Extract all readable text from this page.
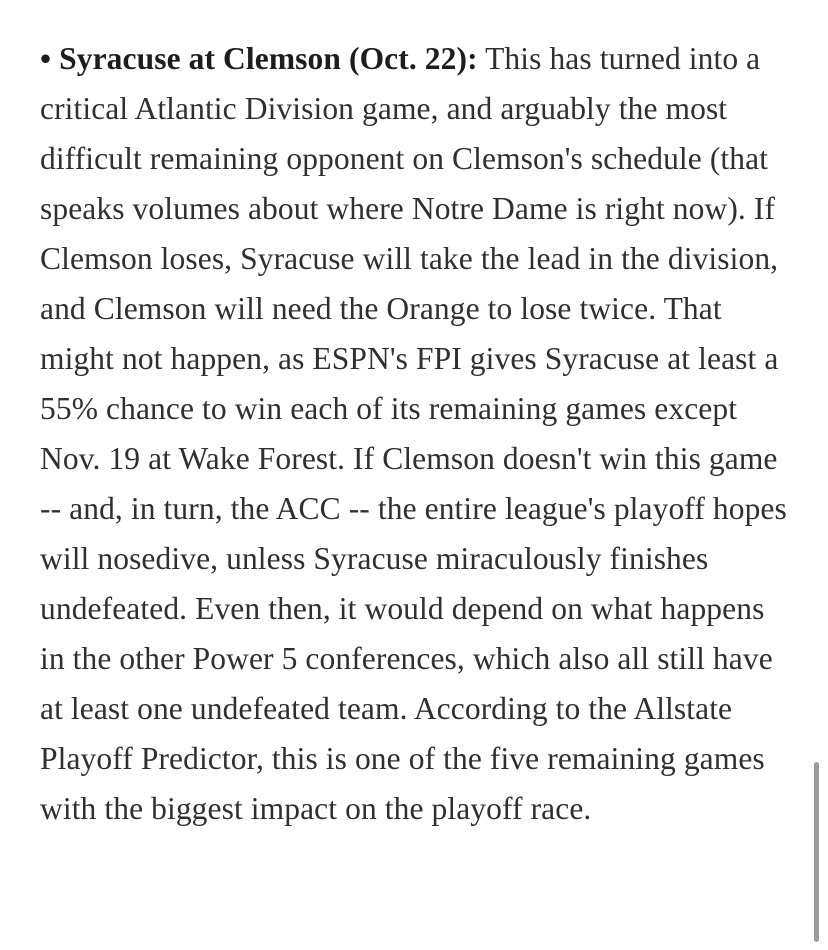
• Syracuse at Clemson (Oct. 22): This has turned into a critical Atlantic Division game, and arguably the most difficult remaining opponent on Clemson's schedule (that speaks volumes about where Notre Dame is right now). If Clemson loses, Syracuse will take the lead in the division, and Clemson will need the Orange to lose twice. That might not happen, as ESPN's FPI gives Syracuse at least a 55% chance to win each of its remaining games except Nov. 19 at Wake Forest. If Clemson doesn't win this game -- and, in turn, the ACC -- the entire league's playoff hopes will nosedive, unless Syracuse miraculously finishes undefeated. Even then, it would depend on what happens in the other Power 5 conferences, which also all still have at least one undefeated team. According to the Allstate Playoff Predictor, this is one of the five remaining games with the biggest impact on the playoff race.
